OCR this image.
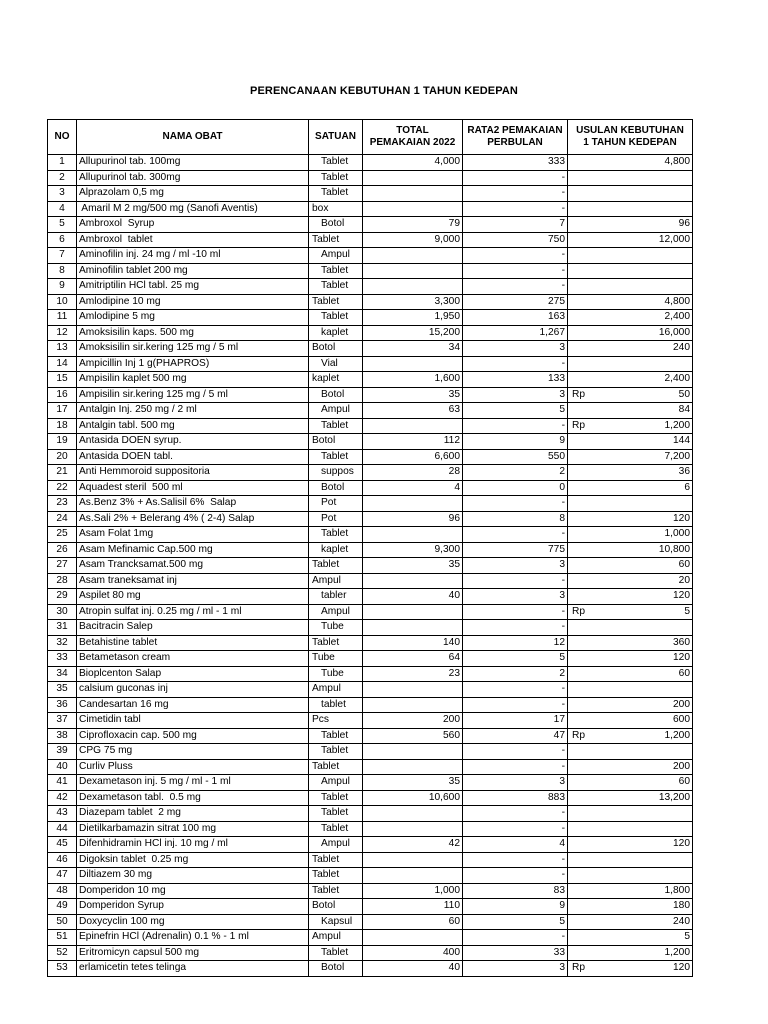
PERENCANAAN KEBUTUHAN 1 TAHUN KEDEPAN
NO	NAMA OBAT	SATUAN	TOTAL
PEMAKAIAN 2022	RATA2 PEMAKAIAN
PERBULAN	USULAN KEBUTUHAN
1 TAHUN KEDEPAN
1	Allupurinol tab. 100mg	Tablet	4,000	333	4,800
2	Allupurinol tab. 300mg	Tablet		-	

3	Alprazolam 0,5 mg	Tablet		-	

4	Amaril M 2 mg/500 mg (Sanofi Aventis)	box		-	

5	Ambroxol  Syrup	Botol	79	7	96
6	Ambroxol  tablet	Tablet	9,000	750	12,000
7	Aminofilin inj. 24 mg / ml -10 ml	Ampul		-	

8	Aminofilin tablet 200 mg	Tablet		-	

9	Amitriptilin HCl tabl. 25 mg	Tablet		-	

10	Amlodipine 10 mg	Tablet	3,300	275	4,800
11	Amlodipine 5 mg	Tablet	1,950	163	2,400
12	Amoksisilin kaps. 500 mg	kaplet	15,200	1,267	16,000
13	Amoksisilin sir.kering 125 mg / 5 ml	Botol	34	3	240
14	Ampicillin Inj 1 g(PHAPROS)	Vial		-	

15	Ampisilin kaplet 500 mg	kaplet	1,600	133	2,400
16	Ampisilin sir.kering 125 mg / 5 ml	Botol	35	3	Rp 50
17	Antalgin Inj. 250 mg / 2 ml	Ampul	63	5	84
18	Antalgin tabl. 500 mg	Tablet		-	Rp 1,200
19	Antasida DOEN syrup.	Botol	112	9	144
20	Antasida DOEN tabl.	Tablet	6,600	550	7,200
21	Anti Hemmoroid suppositoria	suppos	28	2	36
22	Aquadest steril  500 ml	Botol	4	0	6
23	As.Benz 3% + As.Salisil 6%  Salap	Pot		-	

24	As.Sali 2% + Belerang 4% ( 2-4) Salap	Pot	96	8	120
25	Asam Folat 1mg	Tablet		-	1,000
26	Asam Mefinamic Cap.500 mg	kaplet	9,300	775	10,800
27	Asam Trancksamat.500 mg	Tablet	35	3	60
28	Asam traneksamat inj	Ampul		-	20
29	Aspilet 80 mg	tabler	40	3	120
30	Atropin sulfat inj. 0.25 mg / ml - 1 ml	Ampul		-	Rp 5
31	Bacitracin Salep	Tube		-	

32	Betahistine tablet	Tablet	140	12	360
33	Betametason cream	Tube	64	5	120
34	Bioplcenton Salap	Tube	23	2	60
35	calsium guconas inj	Ampul		-	

36	Candesartan 16 mg	tablet		-	200
37	Cimetidin tabl	Pcs	200	17	600
38	Ciprofloxacin cap. 500 mg	Tablet	560	47	Rp 1,200
39	CPG 75 mg	Tablet		-	

40	Curliv Pluss	Tablet		-	200
41	Dexametason inj. 5 mg / ml - 1 ml	Ampul	35	3	60
42	Dexametason tabl.  0.5 mg	Tablet	10,600	883	13,200
43	Diazepam tablet  2 mg	Tablet		-	

44	Dietilkarbamazin sitrat 100 mg	Tablet		-	

45	Difenhidramin HCl inj. 10 mg / ml	Ampul	42	4	120
46	Digoksin tablet  0.25 mg	Tablet		-	

47	Diltiazem 30 mg	Tablet		-	

48	Domperidon 10 mg	Tablet	1,000	83	1,800
49	Domperidon Syrup	Botol	110	9	180
50	Doxycyclin 100 mg	Kapsul	60	5	240
51	Epinefrin HCl (Adrenalin) 0.1 % - 1 ml	Ampul		-	5
52	Eritromicyn capsul 500 mg	Tablet	400	33	1,200
53	erlamicetin tetes telinga	Botol	40	3	Rp 120
